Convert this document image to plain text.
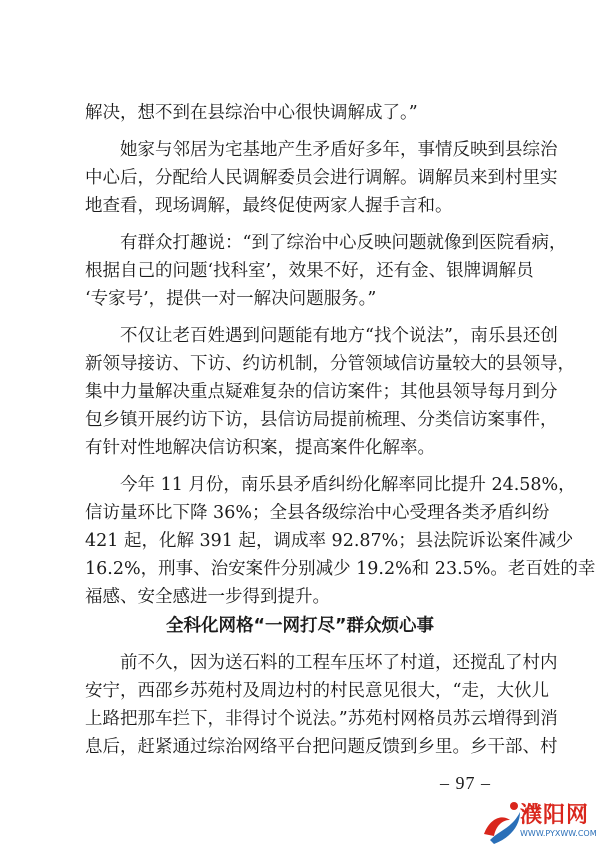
解决，想不到在县综治中心很快调解成了。”
她家与邻居为宅基地产生矛盾好多年，事情反映到县综治
中心后，分配给人民调解委员会进行调解。调解员来到村里实
地查看，现场调解，最终促使两家人握手言和。
有群众打趣说：“到了综治中心反映问题就像到医院看病，
根据自己的问题‘找科室’，效果不好，还有金、银牌调解员
‘专家号’，提供一对一解决问题服务。”
不仅让老百姓遇到问题能有地方“找个说法”，南乐县还创
新领导接访、下访、约访机制，分管领域信访量较大的县领导，
集中力量解决重点疑难复杂的信访案件；其他县领导每月到分
包乡镇开展约访下访，县信访局提前梳理、分类信访案事件，
有针对性地解决信访积案，提高案件化解率。
今年 11 月份，南乐县矛盾纠纷化解率同比提升 24.58%，
信访量环比下降 36%；全县各级综治中心受理各类矛盾纠纷
421 起，化解 391 起，调成率 92.87%；县法院诉讼案件减少
16.2%，刑事、治安案件分别减少 19.2%和 23.5%。老百姓的幸
福感、安全感进一步得到提升。
全科化网格“一网打尽”群众烦心事
前不久，因为送石料的工程车压坏了村道，还搅乱了村内
安宁，西邵乡苏苑村及周边村的村民意见很大，“走，大伙儿
上路把那车拦下，非得讨个说法。”苏苑村网格员苏云増得到消
息后，赶紧通过综治网络平台把问题反馈到乡里。乡干部、村
– 97 –
濮阳网
WWW.PYXWW.COM
